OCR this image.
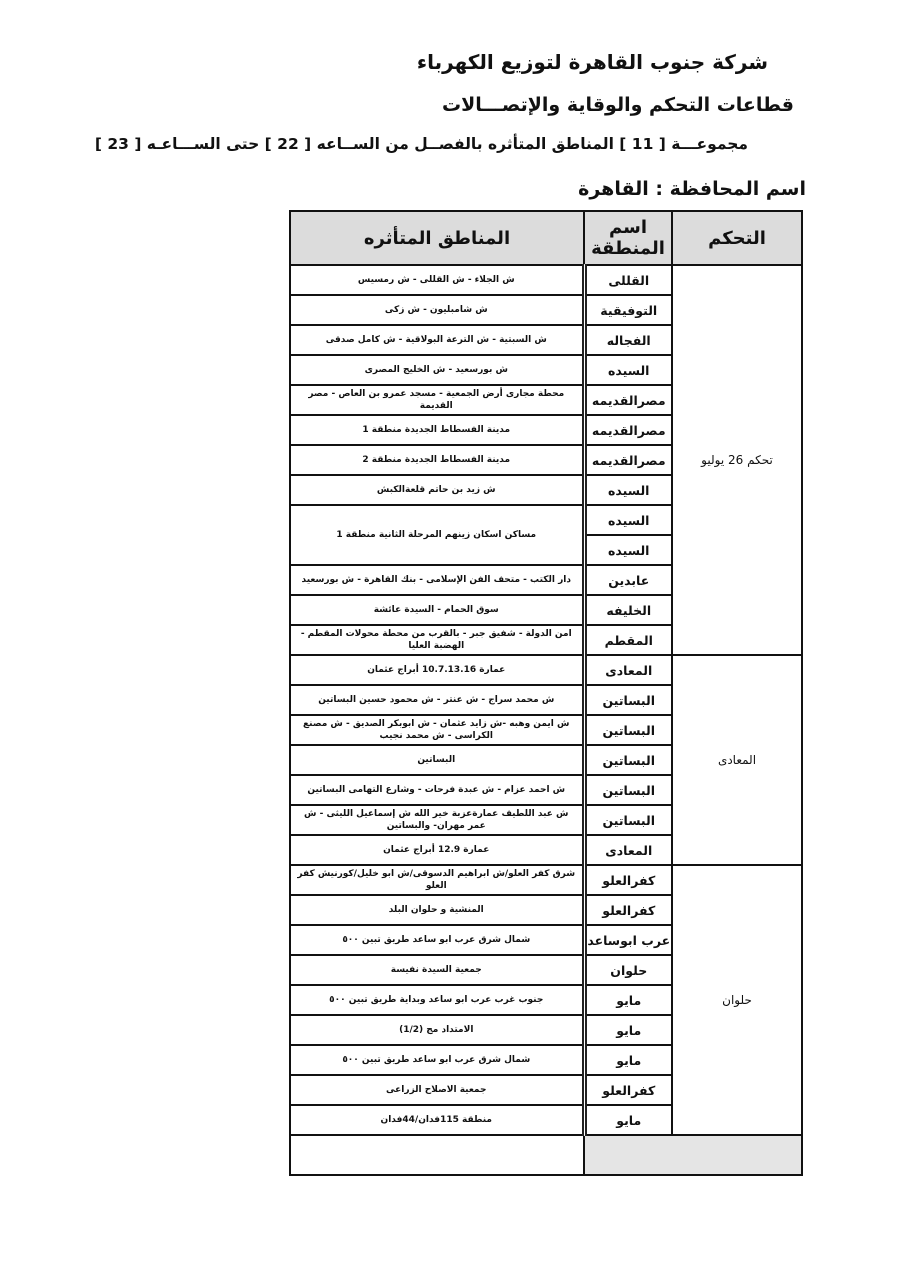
شركة جنوب القاهرة لتوزيع الكهرباء
قطاعات التحكم والوقاية والإتصـــالات
مجموعـــة [ 11 ] المناطق المتأثره بالفصــل من الســاعه [ 22 ] حتى الســـاعـه [ 23 ]
اسم المحافظة : القاهرة
التحكم	اسم المنطقة	المناطق المتأثره
تحكم 26 يوليو	القللى	ش الجلاء - ش القللى - ش رمسيس
	التوفيقية	ش شامبليون - ش زكى
	الفجاله	ش السبتية - ش الترعة البولاقية - ش كامل صدقى
	السيده	ش بورسعيد - ش الخليج المصرى
	مصرالقديمه	محطة مجارى أرض الجمعية - مسجد عمرو بن العاص - مصر القديمة
	مصرالقديمه	مدينة الفسطاط الجديدة منطقة 1
	مصرالقديمه	مدينة الفسطاط الجديدة منطقة 2
	السيده	ش زيد بن حاتم قلعةالكبش
	السيده	مساكن اسكان زينهم المرحلة الثانية منطقة 1
	السيده	
	عابدين	دار الكتب - متحف الفن الإسلامى - بنك القاهرة - ش بورسعيد
	الخليفه	سوق الحمام - السيدة عائشة
	المقطم	امن الدولة - شفيق جبر - بالقرب من محطة محولات المقطم - الهضبة العليا
المعادى	المعادى	عمارة 10.7.13.16 أبراج عثمان
	البساتين	ش محمد سراج - ش عنتر - ش محمود حسين البساتين
	البساتين	ش ايمن وهبه -ش زايد عثمان - ش ابوبكر الصديق - ش مصنع الكراسى - ش محمد نجيب
	البساتين	البساتين
	البساتين	ش احمد عزام - ش عبدة فرحات - وشارع التهامى البساتين
	البساتين	ش عبد اللطيف عمارةعزبة خير الله ش إسماعيل الليثى - ش عمر مهران- والبساتين
	المعادى	عمارة 12.9 أبراج عثمان
حلوان	كفرالعلو	شرق كفر العلو/ش ابراهيم الدسوقى/ش ابو خليل/كورنيش كفر العلو
	كفرالعلو	المنشية و حلوان البلد
	عرب ابوساعد	شمال شرق عرب ابو ساعد طريق تبين ٥٠٠
	حلوان	جمعية السيدة نفيسة
	مايو	جنوب غرب عرب ابو ساعد وبداية طريق تبين ٥٠٠
	مايو	الامتداد مج (1/2)
	مايو	شمال شرق عرب ابو ساعد طريق تبين ٥٠٠
	كفرالعلو	جمعية الاصلاح الزراعى
	مايو	منطقة 115فدان/44فدان
